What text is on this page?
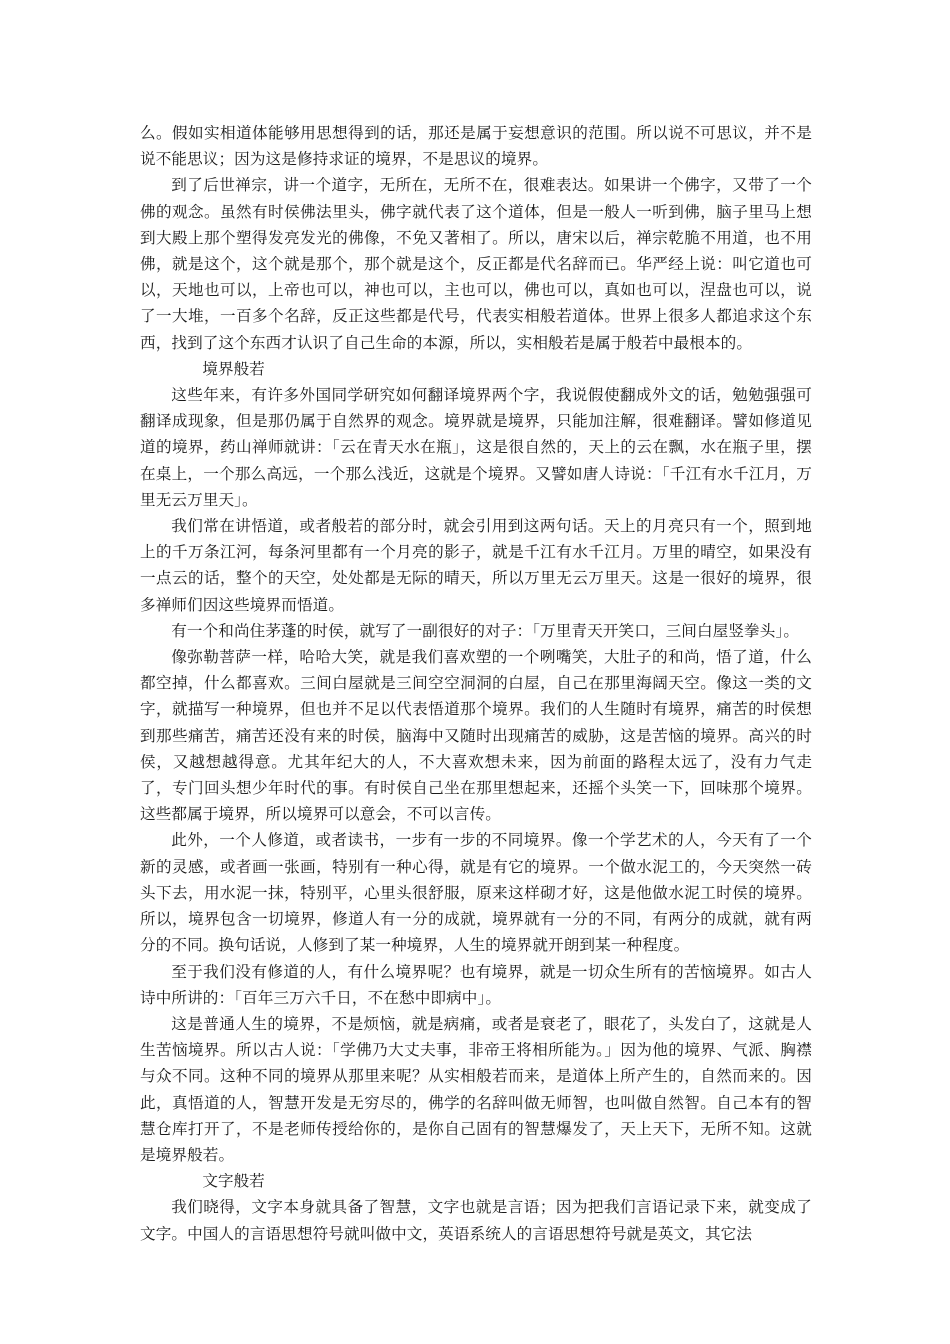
么。假如实相道体能够用思想得到的话，那还是属于妄想意识的范围。所以说不可思议，并不是说不能思议；因为这是修持求证的境界，不是思议的境界。

到了后世禅宗，讲一个道字，无所在，无所不在，很难表达。如果讲一个佛字，又带了一个佛的观念。虽然有时侯佛法里头，佛字就代表了这个道体，但是一般人一听到佛，脑子里马上想到大殿上那个塑得发亮发光的佛像，不免又著相了。所以，唐宋以后，禅宗乾脆不用道，也不用佛，就是这个，这个就是那个，那个就是这个，反正都是代名辞而已。华严经上说：叫它道也可以，天地也可以，上帝也可以，神也可以，主也可以，佛也可以，真如也可以，涅盘也可以，说了一大堆，一百多个名辞，反正这些都是代号，代表实相般若道体。世界上很多人都追求这个东西，找到了这个东西才认识了自己生命的本源，所以，实相般若是属于般若中最根本的。

境界般若

这些年来，有许多外国同学研究如何翻译境界两个字，我说假使翻成外文的话，勉勉强强可翻译成现象，但是那仍属于自然界的观念。境界就是境界，只能加注解，很难翻译。譬如修道见道的境界，药山禅师就讲：「云在青天水在瓶」，这是很自然的，天上的云在飘，水在瓶子里，摆在桌上，一个那么高远，一个那么浅近，这就是个境界。又譬如唐人诗说：「千江有水千江月，万里无云万里天」。

我们常在讲悟道，或者般若的部分时，就会引用到这两句话。天上的月亮只有一个，照到地上的千万条江河，每条河里都有一个月亮的影子，就是千江有水千江月。万里的晴空，如果没有一点云的话，整个的天空，处处都是无际的晴天，所以万里无云万里天。这是一很好的境界，很多禅师们因这些境界而悟道。

有一个和尚住茅蓬的时侯，就写了一副很好的对子：「万里青天开笑口，三间白屋竖拳头」。

像弥勒菩萨一样，哈哈大笑，就是我们喜欢塑的一个咧嘴笑，大肚子的和尚，悟了道，什么都空掉，什么都喜欢。三间白屋就是三间空空洞洞的白屋，自己在那里海阔天空。像这一类的文字，就描写一种境界，但也并不足以代表悟道那个境界。我们的人生随时有境界，痛苦的时侯想到那些痛苦，痛苦还没有来的时侯，脑海中又随时出现痛苦的威胁，这是苦恼的境界。高兴的时侯，又越想越得意。尤其年纪大的人，不大喜欢想未来，因为前面的路程太远了，没有力气走了，专门回头想少年时代的事。有时侯自己坐在那里想起来，还摇个头笑一下，回味那个境界。这些都属于境界，所以境界可以意会，不可以言传。

此外，一个人修道，或者读书，一步有一步的不同境界。像一个学艺术的人，今天有了一个新的灵感，或者画一张画，特别有一种心得，就是有它的境界。一个做水泥工的，今天突然一砖头下去，用水泥一抹，特别平，心里头很舒服，原来这样砌才好，这是他做水泥工时侯的境界。所以，境界包含一切境界，修道人有一分的成就，境界就有一分的不同，有两分的成就，就有两分的不同。换句话说，人修到了某一种境界，人生的境界就开朗到某一种程度。

至于我们没有修道的人，有什么境界呢？也有境界，就是一切众生所有的苦恼境界。如古人诗中所讲的：「百年三万六千日，不在愁中即病中」。

这是普通人生的境界，不是烦恼，就是病痛，或者是衰老了，眼花了，头发白了，这就是人生苦恼境界。所以古人说：「学佛乃大丈夫事，非帝王将相所能为。」因为他的境界、气派、胸襟与众不同。这种不同的境界从那里来呢？从实相般若而来，是道体上所产生的，自然而来的。因此，真悟道的人，智慧开发是无穷尽的，佛学的名辞叫做无师智，也叫做自然智。自己本有的智慧仓库打开了，不是老师传授给你的，是你自己固有的智慧爆发了，天上天下，无所不知。这就是境界般若。

文字般若

我们晓得，文字本身就具备了智慧，文字也就是言语；因为把我们言语记录下来，就变成了文字。中国人的言语思想符号就叫做中文，英语系统人的言语思想符号就是英文，其它法
